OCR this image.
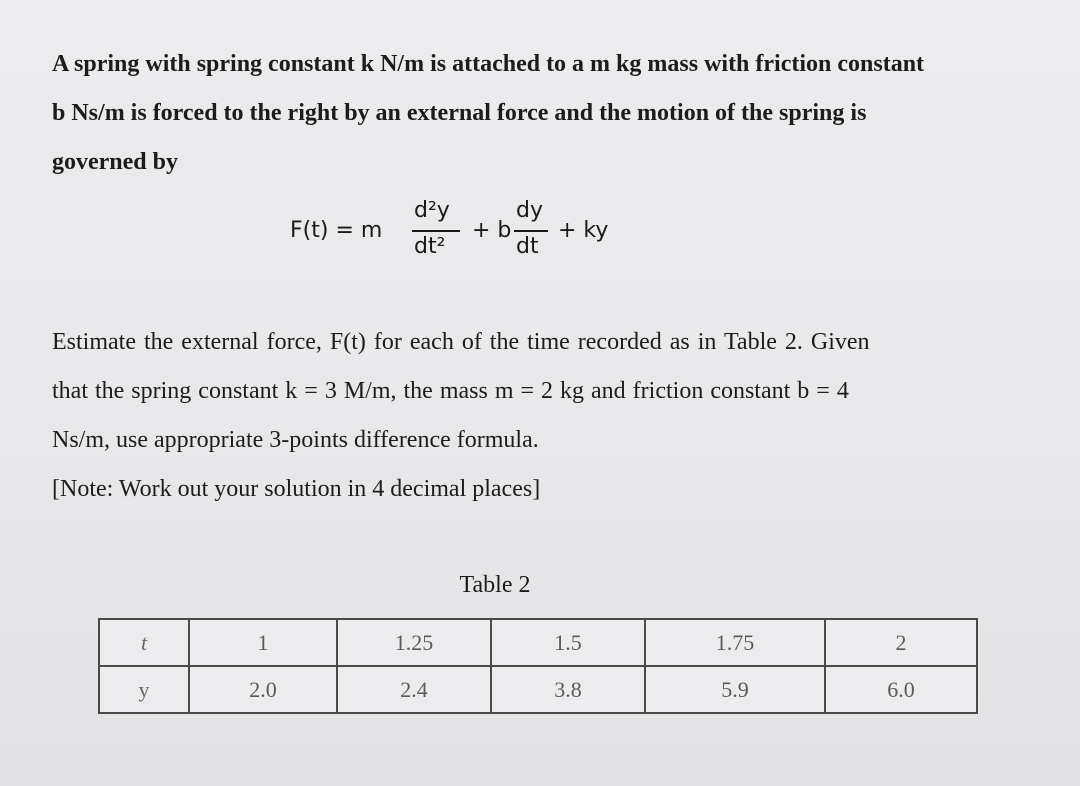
A spring with spring constant k N/m is attached to a m kg mass with friction constant
b Ns/m is forced to the right by an external force and the motion of the spring is
governed by
F(t) = m
d²y
dt²
+ b
dy
dt
+ ky
Estimate the external force, F(t) for each of the time recorded as in Table 2. Given
that the spring constant k = 3 M/m, the mass m = 2 kg and friction constant b = 4
Ns/m, use appropriate 3-points difference formula.
[Note: Work out your solution in 4 decimal places]
Table 2
t	1	1.25	1.5	1.75	2
y	2.0	2.4	3.8	5.9	6.0
